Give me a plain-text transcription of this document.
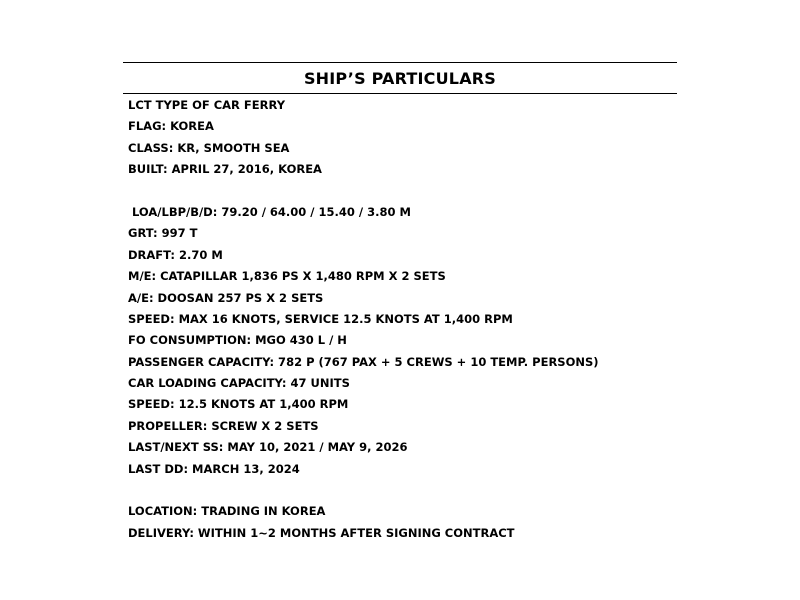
SHIP’S PARTICULARS
LCT TYPE OF CAR FERRY
FLAG: KOREA
CLASS: KR, SMOOTH SEA
BUILT: APRIL 27, 2016, KOREA
LOA/LBP/B/D: 79.20 / 64.00 / 15.40 / 3.80 M
GRT: 997 T
DRAFT: 2.70 M
M/E: CATAPILLAR 1,836 PS X 1,480 RPM X 2 SETS
A/E: DOOSAN 257 PS X 2 SETS
SPEED: MAX 16 KNOTS, SERVICE 12.5 KNOTS AT 1,400 RPM
FO CONSUMPTION: MGO 430 L / H
PASSENGER CAPACITY: 782 P (767 PAX + 5 CREWS + 10 TEMP. PERSONS)
CAR LOADING CAPACITY: 47 UNITS
SPEED: 12.5 KNOTS AT 1,400 RPM
PROPELLER: SCREW X 2 SETS
LAST/NEXT SS: MAY 10, 2021 / MAY 9, 2026
LAST DD: MARCH 13, 2024
LOCATION: TRADING IN KOREA
DELIVERY: WITHIN 1~2 MONTHS AFTER SIGNING CONTRACT
